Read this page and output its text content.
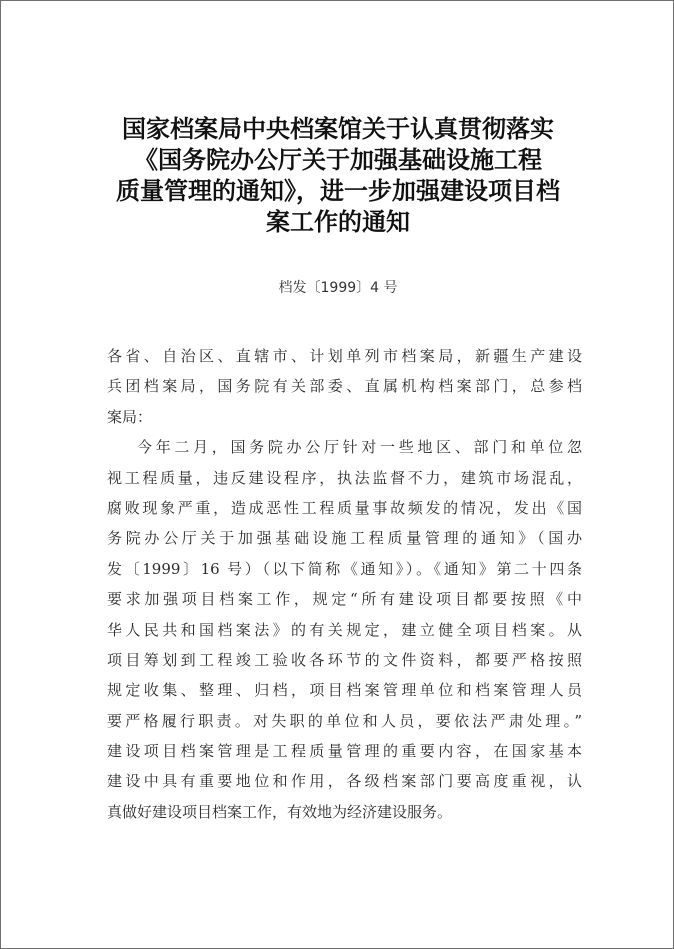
国家档案局中央档案馆关于认真贯彻落实
《国务院办公厅关于加强基础设施工程
质量管理的通知》，进一步加强建设项目档
案工作的通知
档发〔1999〕4 号
各省、自治区、直辖市、计划单列市档案局，新疆生产建设
兵团档案局，国务院有关部委、直属机构档案部门，总参档
案局：
今年二月，国务院办公厅针对一些地区、部门和单位忽
视工程质量，违反建设程序，执法监督不力，建筑市场混乱，
腐败现象严重，造成恶性工程质量事故频发的情况，发出《国
务院办公厅关于加强基础设施工程质量管理的通知》（国办
发〔1999〕16 号）（以下简称《通知》）。《通知》第二十四条
要求加强项目档案工作，规定“所有建设项目都要按照《中
华人民共和国档案法》的有关规定，建立健全项目档案。从
项目筹划到工程竣工验收各环节的文件资料，都要严格按照
规定收集、整理、归档，项目档案管理单位和档案管理人员
要严格履行职责。对失职的单位和人员，要依法严肃处理。”
建设项目档案管理是工程质量管理的重要内容，在国家基本
建设中具有重要地位和作用，各级档案部门要高度重视，认
真做好建设项目档案工作，有效地为经济建设服务。
